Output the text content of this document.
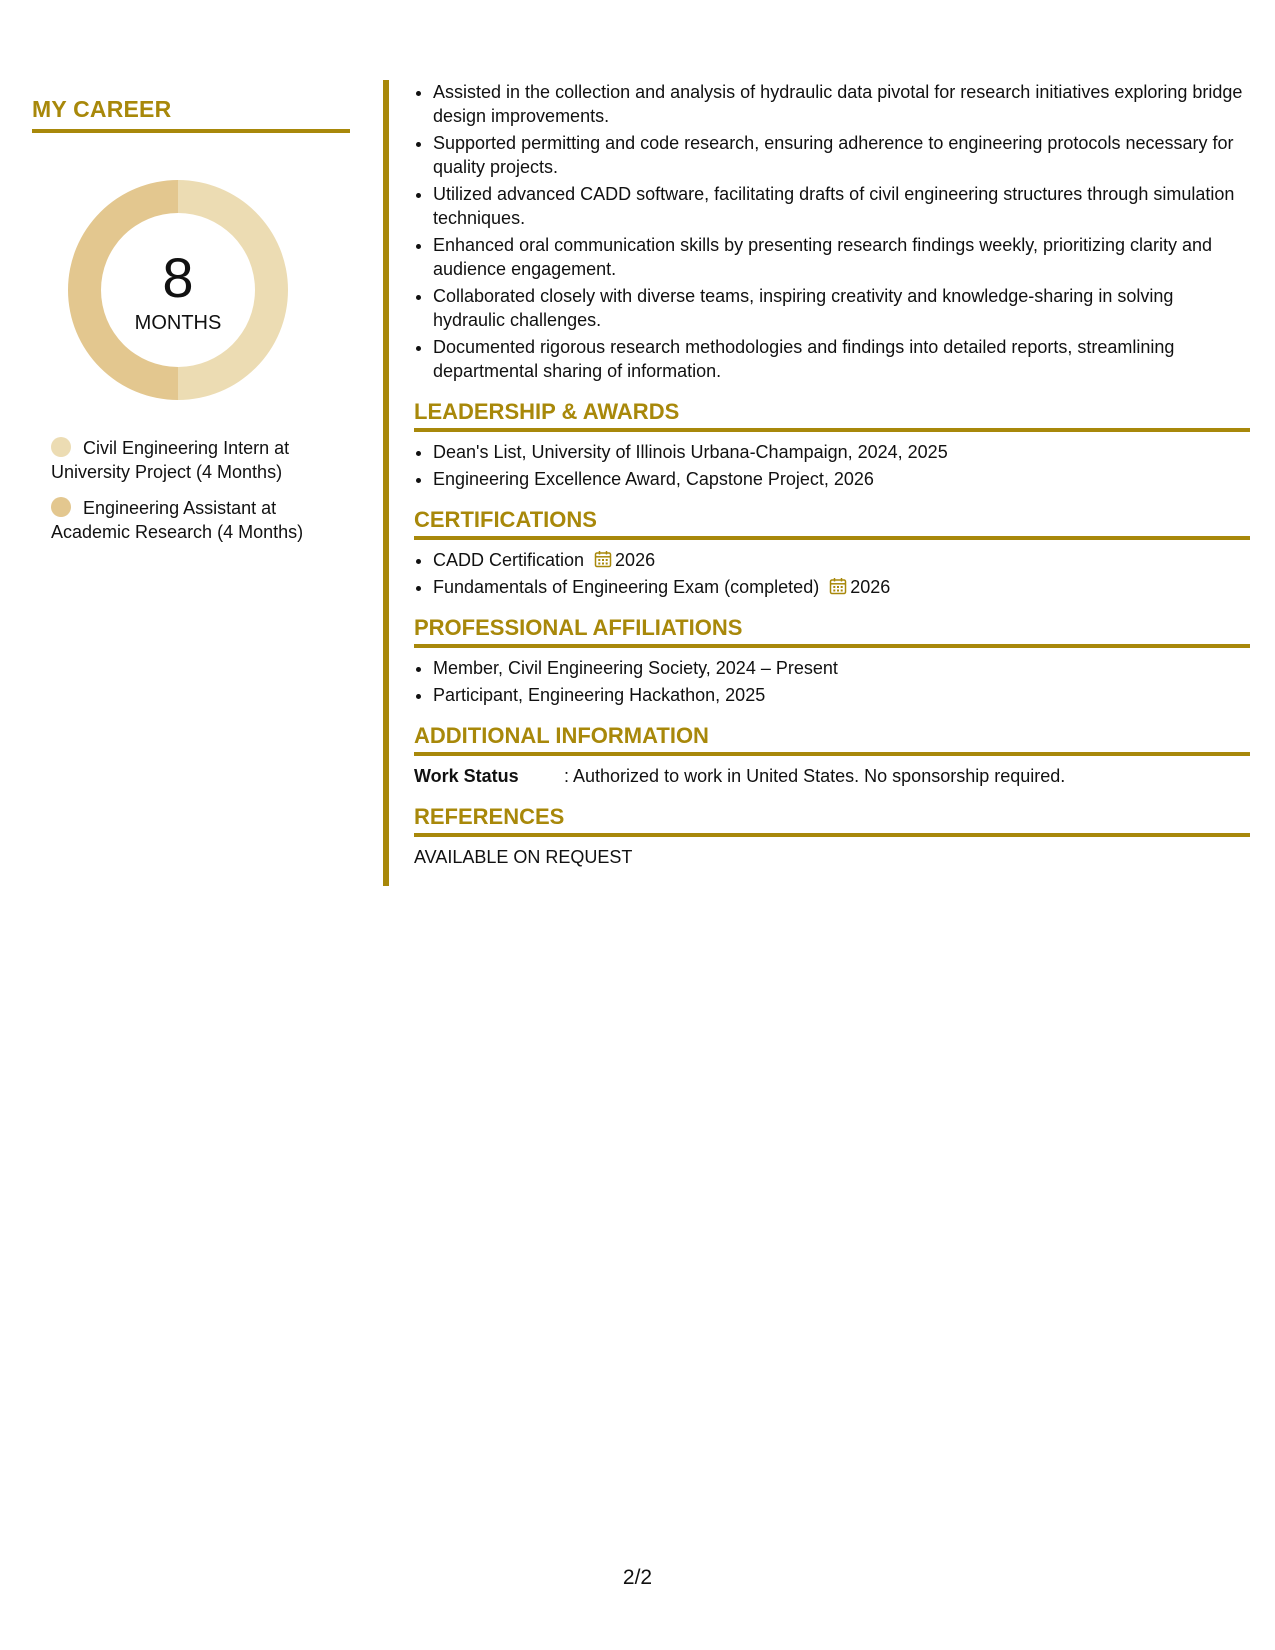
MY CAREER
8
MONTHS
Civil Engineering Intern at University Project (4 Months)
Engineering Assistant at Academic Research (4 Months)
• Assisted in the collection and analysis of hydraulic data pivotal for research initiatives exploring bridge design improvements.
• Supported permitting and code research, ensuring adherence to engineering protocols necessary for quality projects.
• Utilized advanced CADD software, facilitating drafts of civil engineering structures through simulation techniques.
• Enhanced oral communication skills by presenting research findings weekly, prioritizing clarity and audience engagement.
• Collaborated closely with diverse teams, inspiring creativity and knowledge-sharing in solving hydraulic challenges.
• Documented rigorous research methodologies and findings into detailed reports, streamlining departmental sharing of information.
LEADERSHIP & AWARDS
• Dean's List, University of Illinois Urbana-Champaign, 2024, 2025
• Engineering Excellence Award, Capstone Project, 2026
CERTIFICATIONS
• CADD Certification 2026
• Fundamentals of Engineering Exam (completed) 2026
PROFESSIONAL AFFILIATIONS
• Member, Civil Engineering Society, 2024 – Present
• Participant, Engineering Hackathon, 2025
ADDITIONAL INFORMATION
Work Status	: Authorized to work in United States. No sponsorship required.
REFERENCES
AVAILABLE ON REQUEST
2/2
